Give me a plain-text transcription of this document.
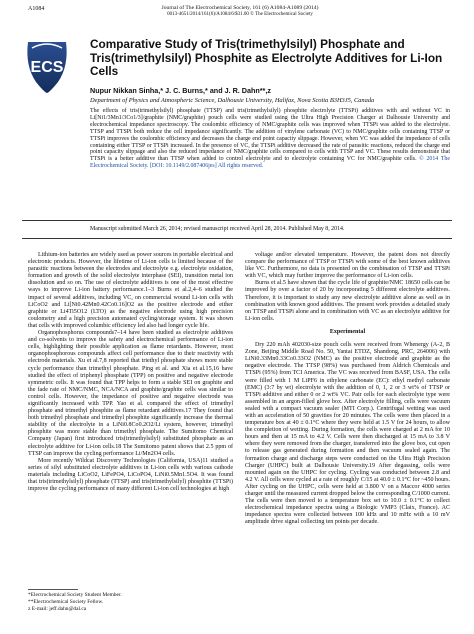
A1084	Journal of The Electrochemical Society, 161 (6) A1084-A1089 (2014)
0013-4651/2014/161(6)/A1084/6/$31.00 © The Electrochemical Society
ECS
Comparative Study of Tris(trimethylsilyl) Phosphate and Tris(trimethylsilyl) Phosphite as Electrolyte Additives for Li-Ion Cells
Nupur Nikkan Sinha,* J. C. Burns,* and J. R. Dahn**,z
Department of Physics and Atmospheric Science, Dalhousie University, Halifax, Nova Scotia B3H3J5, Canada
The effects of tris(trimethylsilyl) phosphate (TTSP) and tris(trimethylsilyl) phosphite electrolyte (TTSPi) additives with and without VC in Li[Ni1/3Mn1/3Co1/3]/graphite (NMC/graphite) pouch cells were studied using the Ultra High Precision Charger at Dalhousie University and electrochemical impedance spectroscopy. The coulombic efficiency of NMC/graphite cells was improved when TTSPi was added to the electrolyte. TTSP and TTSPi both reduce the cell impedance significantly. The addition of vinylene carbonate (VC) to NMC/graphite cells containing TTSP or TTSPi improves the coulombic efficiency and decreases the charge end point capacity slippage. However, when VC was added the impedance of cells containing either TTSP or TTSPi increased. In the presence of VC, the TTSPi additive decreased the rate of parasitic reactions, reduced the charge end point capacity slippage and also the reduced impedance of NMC/graphite cells compared to cells with TTSP and VC. These results demonstrate that TTSPi is a better additive than TTSP when added to control electrolyte and to electrolyte containing VC for NMC/graphite cells. © 2014 The Electrochemical Society. [DOI: 10.1149/2.087406jes] All rights reserved.
Manuscript submitted March 26, 2014; revised manuscript received April 28, 2014. Published May 8, 2014.

Lithium-ion batteries are widely used as power sources in portable electrical and electronic products. However, the lifetime of Li-ion cells is limited because of the parasitic reactions between the electrodes and electrolyte e.g. electrolyte oxidation, formation and growth of the solid electrolyte interphase (SEI), transition metal ion dissolution and so on. The use of electrolyte additives is one of the most effective ways to improve Li-ion battery performance.1–3 Burns et al.2,4–6 studied the impact of several additives, including VC, on commercial wound Li-ion cells with LiCoO2 and Li[Ni0.42Mn0.42Co0.16]O2 as the positive electrode and either graphite or Li4Ti5O12 (LTO) as the negative electrode using high precision coulometry and a high precision automated cycling/storage system. It was shown that cells with improved columbic efficiency led also had longer cycle life.

Organophosphorus compounds7–14 have been studied as electrolyte additives and co-solvents to improve the safety and electrochemical performance of Li-ion cells, highlighting their possible application as flame retardants. However, most organophosphorous compounds affect cell performance due to their reactivity with electrode materials. Xu et al.7,8 reported that triethyl phosphate shows more stable cycle performance than trimethyl phosphate. Ping et al. and Xia et al.15,16 have studied the effect of triphenyl phosphate (TPP) on positive and negative electrode symmetric cells. It was found that TPP helps to form a stable SEI on graphite and the fade rate of NMC/NMC, NCA/NCA and graphite/graphite cells was similar to control cells. However, the impedance of positive and negative electrode was significantly increased with TPP. Yao et al. compared the effect of trimethyl phosphate and trimethyl phosphite as flame retardant additives.17 They found that both trimethyl phosphate and trimethyl phosphite significantly increase the thermal stability of the electrolyte in a LiNi0.8Co0.2O2/Li system, however, trimethyl phosphite was more stable than trimethyl phosphate. The Sumitomo Chemical Company (Japan) first introduced tris(trimethylsilyl) substituted phosphate as an electrolyte additive for Li-ion cells.18 The Sumitomo patent shows that 2.5 ppm of TTSP can improve the cycling performance Li/Mn2O4 cells.

More recently Wildcat Discovery Technologies (California, USA)11 studied a series of silyl substituted electrolyte additives in Li-ion cells with various cathode materials including LiCoO2, LiFePO4, LiCoPO4, LiNi0.5Mn1.5O4. It was found that tris(trimethylsilyl) phosphate (TTSP) and tris(trimethylsilyl) phosphite (TTSPi) improve the cycling performance of many different Li-ion cell technologies at high

voltage and/or elevated temperature. However, the patent does not directly compare the performance of TTSP or TTSPi with some of the best known additives like VC. Furthermore, no data is presented on the combination of TTSP and TTSPi with VC, which may further improve the performance of Li-ion cells.

Burns et al.5 have shown that the cycle life of graphite/NMC 18650 cells can be improved by over a factor of 20 by incorporating 5 different electrolyte additives. Therefore, it is important to study any new electrolyte additive alone as well as in combination with known good additives. The present work provides a detailed study on TTSP and TTSPi alone and in combination with VC as an electrolyte additive for Li-ion cells.

Experimental

Dry 220 mAh 402030-size pouch cells were received from Whenergy (A-2, B Zone, Beijing Middle Road No. 50, Yantai ETDZ, Shandong, PRC, 264006) with LiNi0.33Mn0.33Co0.33O2 (NMC) as the positive electrode and graphite as the negative electrode. The TTSP (98%) was purchased from Aldrich Chemicals and TTSPi (95%) from TCI America. The VC was received from BASF, USA. The cells were filled with 1 M LiPF6 in ethylene carbonate (EC): ethyl methyl carbonate (EMC) (3:7 by wt) electrolyte with the addition of 0, 1, 2 or 3 wt% of TTSP or TTSPi additive and either 0 or 2 wt% VC. Pair cells for each electrolyte type were assembled in an argon-filled glove box. After electrolyte filling, cells were vacuum sealed with a compact vacuum sealer (MTI Corp.). Centrifugal wetting was used with an acceleration of 50 gravities for 20 minutes. The cells were then placed in a temperature box at 40 ± 0.1°C where they were held at 1.5 V for 24 hours, to allow the completion of wetting. During formation, the cells were charged at 2 mA for 10 hours and then at 15 mA to 4.2 V. Cells were then discharged at 15 mA to 3.8 V where they were removed from the charger, transferred into the glove box, cut open to release gas generated during formation and then vacuum sealed again. The formation charge and discharge steps were conducted on the Ultra High Precision Charger (UHPC) built at Dalhousie University.19 After degassing, cells were mounted again on the UHPC for cycling. Cycling was conducted between 2.8 and 4.2 V. All cells were cycled at a rate of roughly C/15 at 40.0 ± 0.1°C for ~450 hours. After cycling on the UHPC, cells were held at 3.800 V on a Maccor 4000 series charger until the measured current dropped below the corresponding C/1000 current. The cells were then moved to a temperature box set to 10.0 ± 0.1°C to collect electrochemical impedance spectra using a Biologic VMP3 (Claix, France). AC impedance spectra were collected between 100 kHz and 10 mHz with a 10 mV amplitude drive signal collecting ten points per decade.

*Electrochemical Society Student Member.
**Electrochemical Society Fellow.
z E-mail: jeff.dahn@dal.ca
